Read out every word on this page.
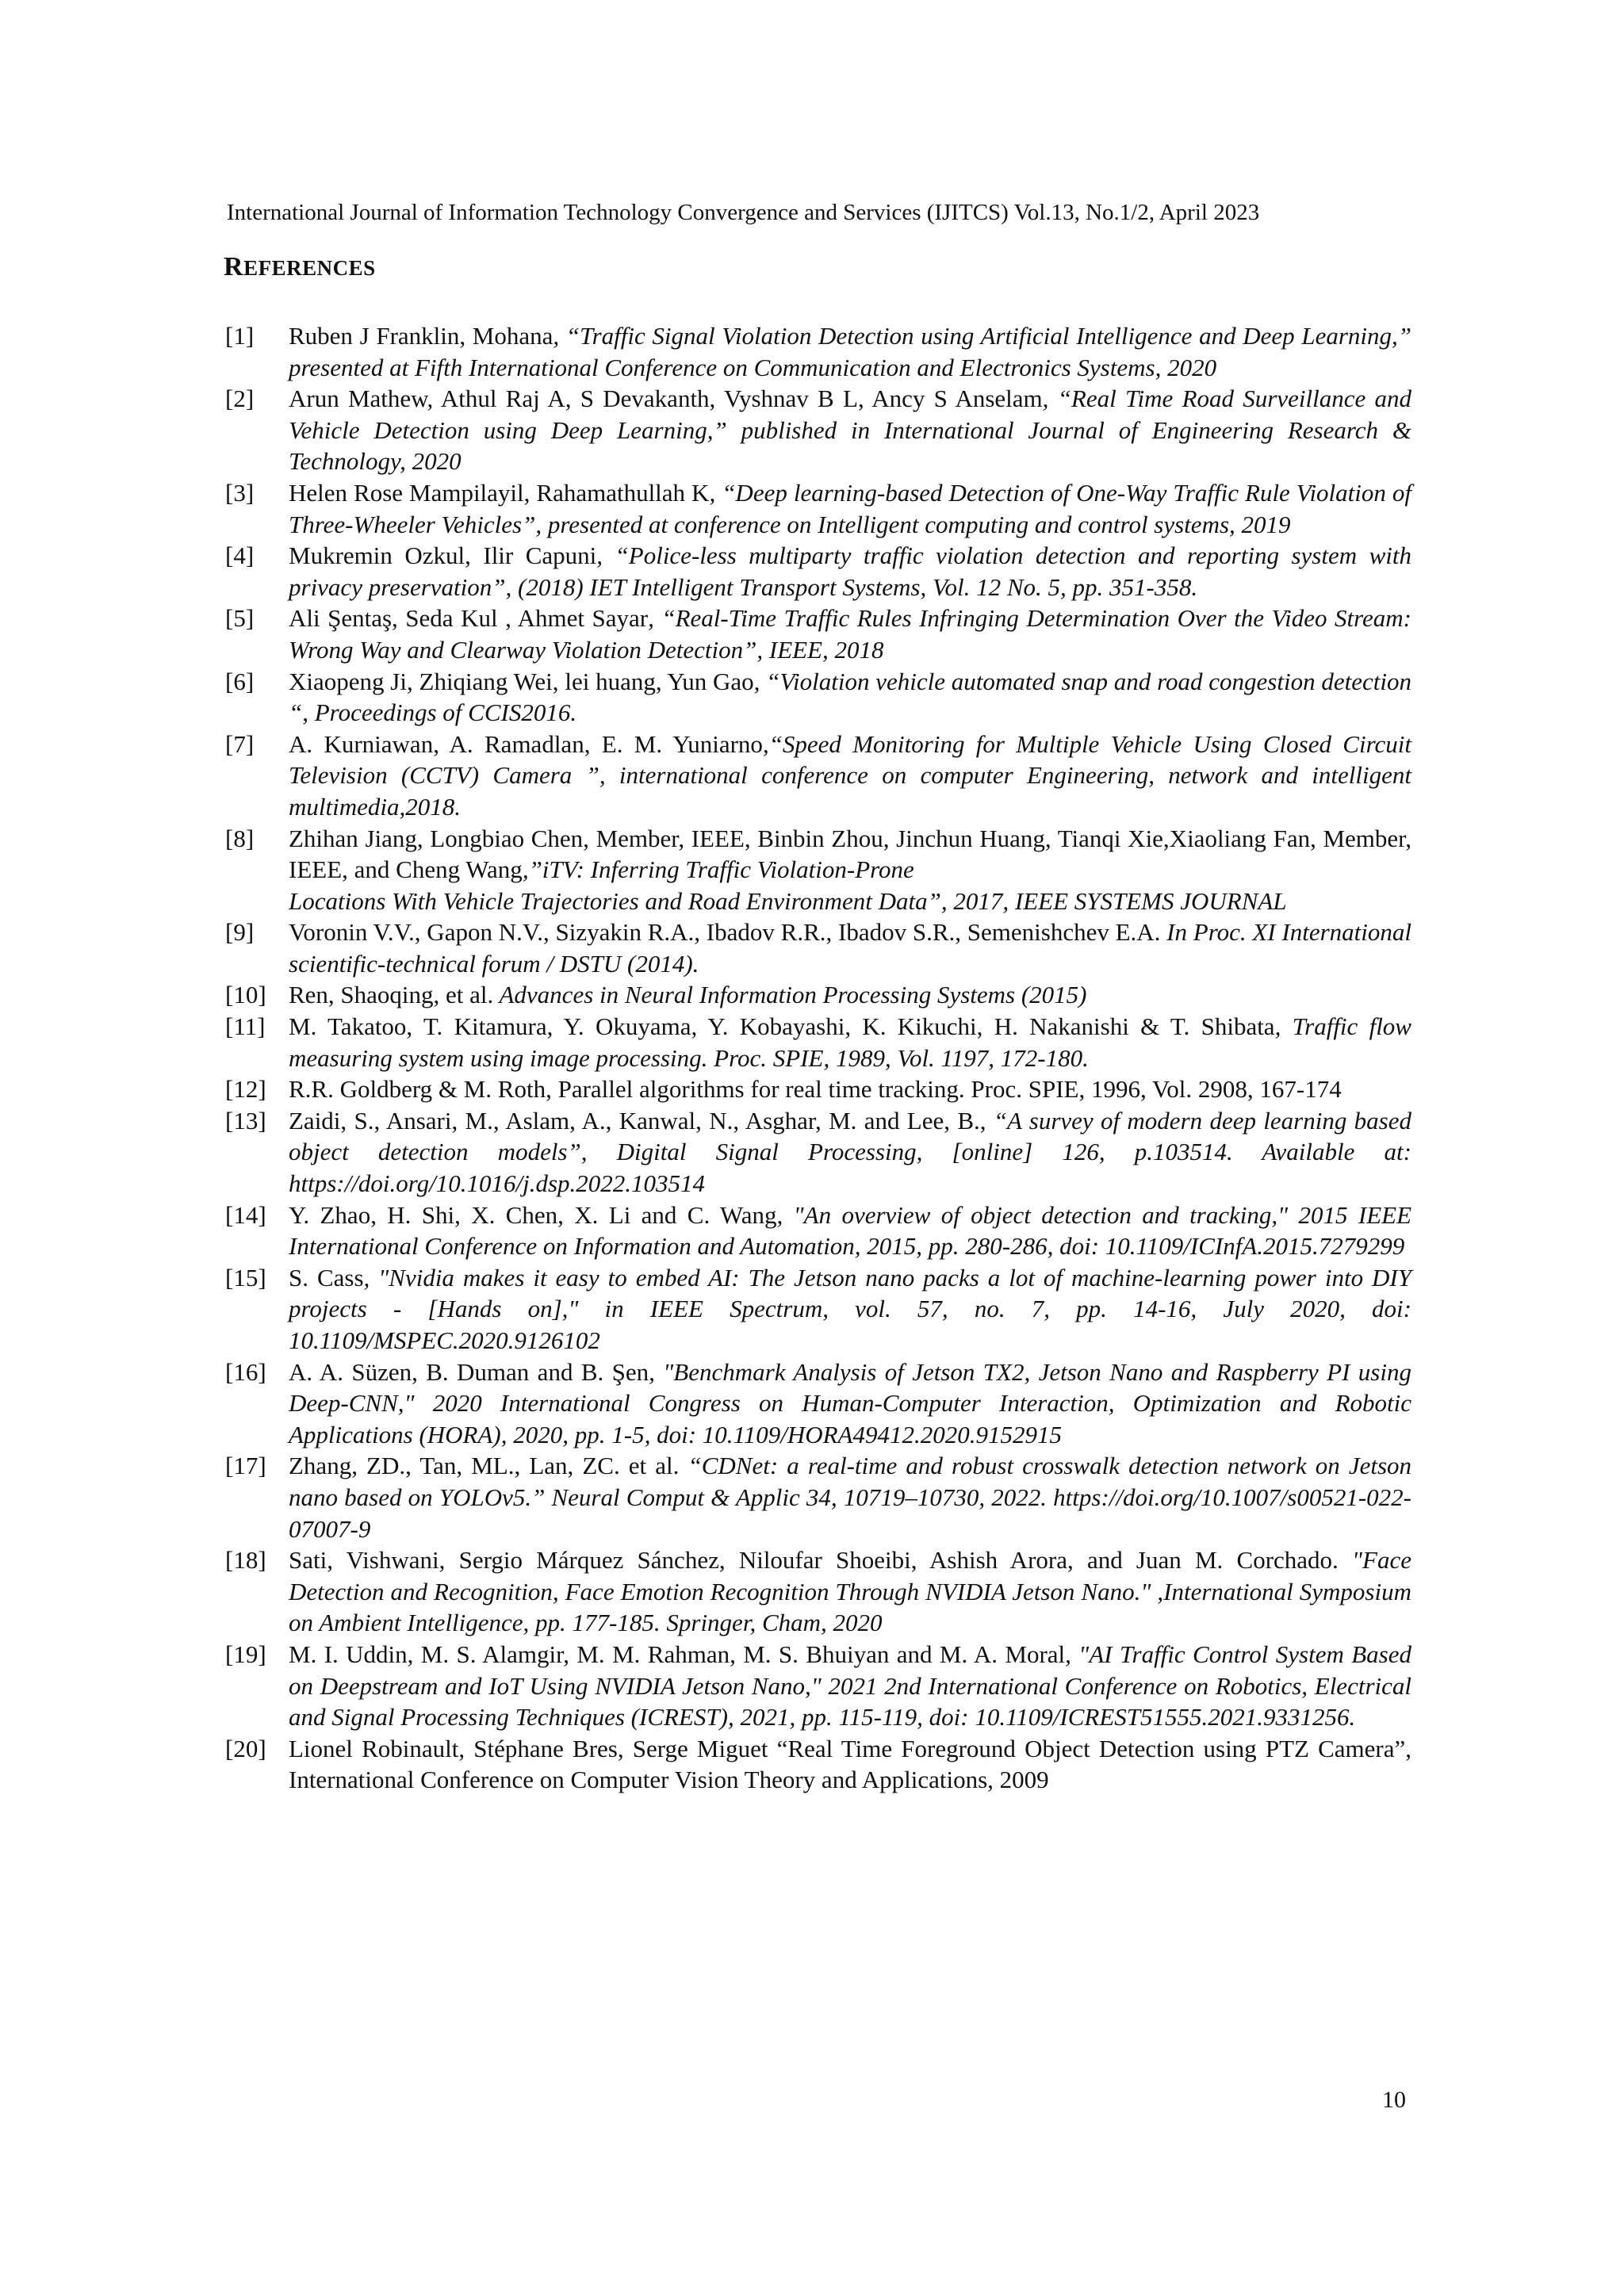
International Journal of Information Technology Convergence and Services (IJITCS) Vol.13, No.1/2, April 2023
REFERENCES
[1]	Ruben J Franklin, Mohana, “Traffic Signal Violation Detection using Artificial Intelligence and Deep Learning,” presented at Fifth International Conference on Communication and Electronics Systems, 2020
[2]	Arun Mathew, Athul Raj A, S Devakanth, Vyshnav B L, Ancy S Anselam, “Real Time Road Surveillance and Vehicle Detection using Deep Learning,” published in International Journal of Engineering Research & Technology, 2020
[3]	Helen Rose Mampilayil, Rahamathullah K, “Deep learning-based Detection of One-Way Traffic Rule Violation of Three-Wheeler Vehicles”, presented at conference on Intelligent computing and control systems, 2019
[4]	Mukremin Ozkul, Ilir Capuni, “Police-less multiparty traffic violation detection and reporting system with privacy preservation”, (2018) IET Intelligent Transport Systems, Vol. 12 No. 5, pp. 351-358.
[5]	Ali Şentaş, Seda Kul , Ahmet Sayar, “Real-Time Traffic Rules Infringing Determination Over the Video Stream: Wrong Way and Clearway Violation Detection”, IEEE, 2018
[6]	Xiaopeng Ji, Zhiqiang Wei, lei huang, Yun Gao, “Violation vehicle automated snap and road congestion detection “, Proceedings of CCIS2016.
[7]	A. Kurniawan, A. Ramadlan, E. M. Yuniarno,“Speed Monitoring for Multiple Vehicle Using Closed Circuit Television (CCTV) Camera ”, international conference on computer Engineering, network and intelligent multimedia,2018.
[8]	Zhihan Jiang, Longbiao Chen, Member, IEEE, Binbin Zhou, Jinchun Huang, Tianqi Xie,Xiaoliang Fan, Member, IEEE, and Cheng Wang,”iTV: Inferring Traffic Violation-Prone
Locations With Vehicle Trajectories and Road Environment Data”, 2017, IEEE SYSTEMS JOURNAL
[9]	Voronin V.V., Gapon N.V., Sizyakin R.A., Ibadov R.R., Ibadov S.R., Semenishchev E.A. In Proc. XI International scientific-technical forum / DSTU (2014).
[10] Ren, Shaoqing, et al. Advances in Neural Information Processing Systems (2015)
[11] M. Takatoo, T. Kitamura, Y. Okuyama, Y. Kobayashi, K. Kikuchi, H. Nakanishi & T. Shibata, Traffic flow measuring system using image processing. Proc. SPIE, 1989, Vol. 1197, 172-180.
[12] R.R. Goldberg & M. Roth, Parallel algorithms for real time tracking. Proc. SPIE, 1996, Vol. 2908, 167-174
[13] Zaidi, S., Ansari, M., Aslam, A., Kanwal, N., Asghar, M. and Lee, B., “A survey of modern deep learning based object detection models”, Digital Signal Processing, [online] 126, p.103514. Available at: https://doi.org/10.1016/j.dsp.2022.103514
[14] Y. Zhao, H. Shi, X. Chen, X. Li and C. Wang, "An overview of object detection and tracking," 2015 IEEE International Conference on Information and Automation, 2015, pp. 280-286, doi: 10.1109/ICInfA.2015.7279299
[15] S. Cass, "Nvidia makes it easy to embed AI: The Jetson nano packs a lot of machine-learning power into DIY projects - [Hands on]," in IEEE Spectrum, vol. 57, no. 7, pp. 14-16, July 2020, doi: 10.1109/MSPEC.2020.9126102
[16] A. A. Süzen, B. Duman and B. Şen, "Benchmark Analysis of Jetson TX2, Jetson Nano and Raspberry PI using Deep-CNN," 2020 International Congress on Human-Computer Interaction, Optimization and Robotic Applications (HORA), 2020, pp. 1-5, doi: 10.1109/HORA49412.2020.9152915
[17] Zhang, ZD., Tan, ML., Lan, ZC. et al. “CDNet: a real-time and robust crosswalk detection network on Jetson nano based on YOLOv5.” Neural Comput & Applic 34, 10719–10730, 2022. https://doi.org/10.1007/s00521-022-07007-9
[18] Sati, Vishwani, Sergio Márquez Sánchez, Niloufar Shoeibi, Ashish Arora, and Juan M. Corchado. "Face Detection and Recognition, Face Emotion Recognition Through NVIDIA Jetson Nano." ,International Symposium on Ambient Intelligence, pp. 177-185. Springer, Cham, 2020
[19] M. I. Uddin, M. S. Alamgir, M. M. Rahman, M. S. Bhuiyan and M. A. Moral, "AI Traffic Control System Based on Deepstream and IoT Using NVIDIA Jetson Nano," 2021 2nd International Conference on Robotics, Electrical and Signal Processing Techniques (ICREST), 2021, pp. 115-119, doi: 10.1109/ICREST51555.2021.9331256.
[20] Lionel Robinault, Stéphane Bres, Serge Miguet “Real Time Foreground Object Detection using PTZ Camera”, International Conference on Computer Vision Theory and Applications, 2009
10
